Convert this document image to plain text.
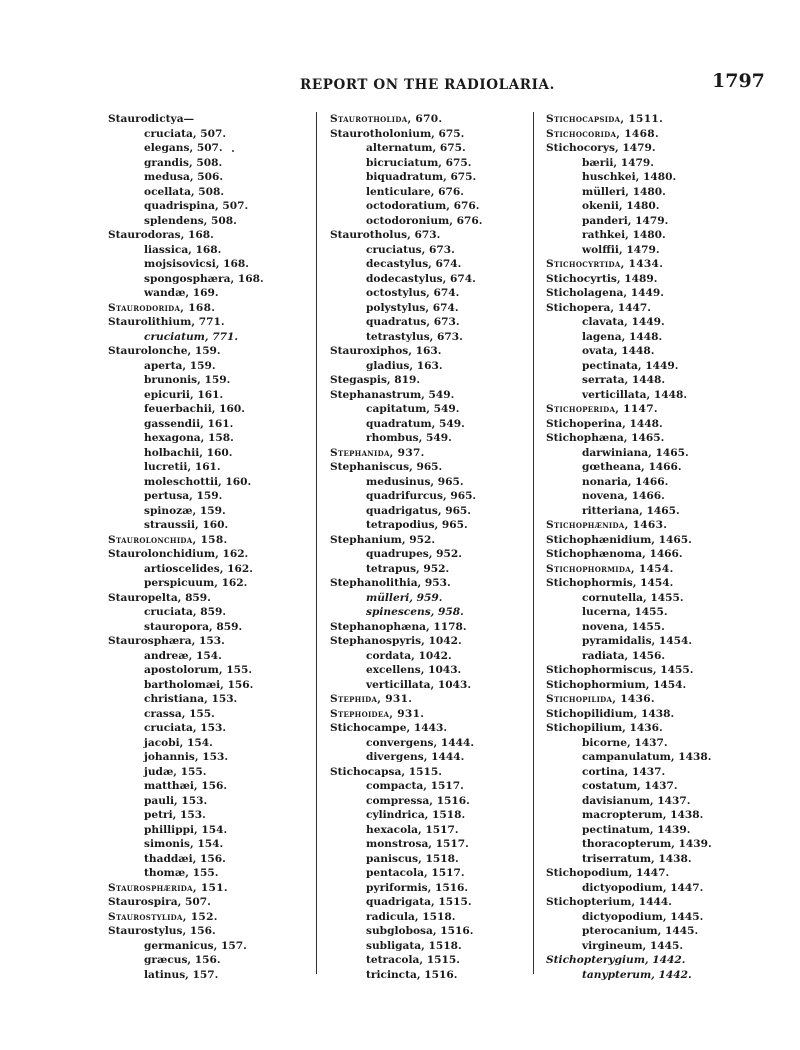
REPORT ON THE RADIOLARIA.	1797
Staurodictya—
cruciata, 507.
elegans, 507.
grandis, 508.
medusa, 506.
ocellata, 508.
quadrispina, 507.
splendens, 508.
Staurodoras, 168.
liassica, 168.
mojsisovicsi, 168.
spongosphæra, 168.
wandæ, 169.
Staurodorida, 168.
Staurolithium, 771.
cruciatum, 771.
Staurolonche, 159.
aperta, 159.
brunonis, 159.
epicurii, 161.
feuerbachii, 160.
gassendii, 161.
hexagona, 158.
holbachii, 160.
lucretii, 161.
moleschottii, 160.
pertusa, 159.
spinozæ, 159.
straussii, 160.
Staurolonchida, 158.
Staurolonchidium, 162.
artioscelides, 162.
perspicuum, 162.
Stauropelta, 859.
cruciata, 859.
stauropora, 859.
Staurosphæra, 153.
andreæ, 154.
apostolorum, 155.
bartholomæi, 156.
christiana, 153.
crassa, 155.
cruciata, 153.
jacobi, 154.
johannis, 153.
judæ, 155.
matthæi, 156.
pauli, 153.
petri, 153.
phillippi, 154.
simonis, 154.
thaddæi, 156.
thomæ, 155.
Staurosphærida, 151.
Staurospira, 507.
Staurostylida, 152.
Staurostylus, 156.
germanicus, 157.
græcus, 156.
latinus, 157.
Staurotholida, 670.
Staurotholonium, 675.
alternatum, 675.
bicruciatum, 675.
biquadratum, 675.
lenticulare, 676.
octodoratium, 676.
octodoronium, 676.
Staurotholus, 673.
cruciatus, 673.
decastylus, 674.
dodecastylus, 674.
octostylus, 674.
polystylus, 674.
quadratus, 673.
tetrastylus, 673.
Stauroxiphos, 163.
gladius, 163.
Stegaspis, 819.
Stephanastrum, 549.
capitatum, 549.
quadratum, 549.
rhombus, 549.
Stephanida, 937.
Stephaniscus, 965.
medusinus, 965.
quadrifurcus, 965.
quadrigatus, 965.
tetrapodius, 965.
Stephanium, 952.
quadrupes, 952.
tetrapus, 952.
Stephanolithia, 953.
mülleri, 959.
spinescens, 958.
Stephanophæna, 1178.
Stephanospyris, 1042.
cordata, 1042.
excellens, 1043.
verticillata, 1043.
Stephida, 931.
Stephoidea, 931.
Stichocampe, 1443.
convergens, 1444.
divergens, 1444.
Stichocapsa, 1515.
compacta, 1517.
compressa, 1516.
cylindrica, 1518.
hexacola, 1517.
monstrosa, 1517.
paniscus, 1518.
pentacola, 1517.
pyriformis, 1516.
quadrigata, 1515.
radicula, 1518.
subglobosa, 1516.
subligata, 1518.
tetracola, 1515.
tricincta, 1516.
Stichocapsida, 1511.
Stichocorida, 1468.
Stichocorys, 1479.
bærii, 1479.
huschkei, 1480.
mülleri, 1480.
okenii, 1480.
panderi, 1479.
rathkei, 1480.
wolffii, 1479.
Stichocyrtida, 1434.
Stichocyrtis, 1489.
Sticholagena, 1449.
Stichopera, 1447.
clavata, 1449.
lagena, 1448.
ovata, 1448.
pectinata, 1449.
serrata, 1448.
verticillata, 1448.
Stichoperida, 1147.
Stichoperina, 1448.
Stichophæna, 1465.
darwiniana, 1465.
gœtheana, 1466.
nonaria, 1466.
novena, 1466.
ritteriana, 1465.
Stichophænida, 1463.
Stichophænidium, 1465.
Stichophænoma, 1466.
Stichophormida, 1454.
Stichophormis, 1454.
cornutella, 1455.
lucerna, 1455.
novena, 1455.
pyramidalis, 1454.
radiata, 1456.
Stichophormiscus, 1455.
Stichophormium, 1454.
Stichopilida, 1436.
Stichopilidium, 1438.
Stichopilium, 1436.
bicorne, 1437.
campanulatum, 1438.
cortina, 1437.
costatum, 1437.
davisianum, 1437.
macropterum, 1438.
pectinatum, 1439.
thoracopterum, 1439.
triserratum, 1438.
Stichopodium, 1447.
dictyopodium, 1447.
Stichopterium, 1444.
dictyopodium, 1445.
pterocanium, 1445.
virgineum, 1445.
Stichopterygium, 1442.
tanypterum, 1442.
